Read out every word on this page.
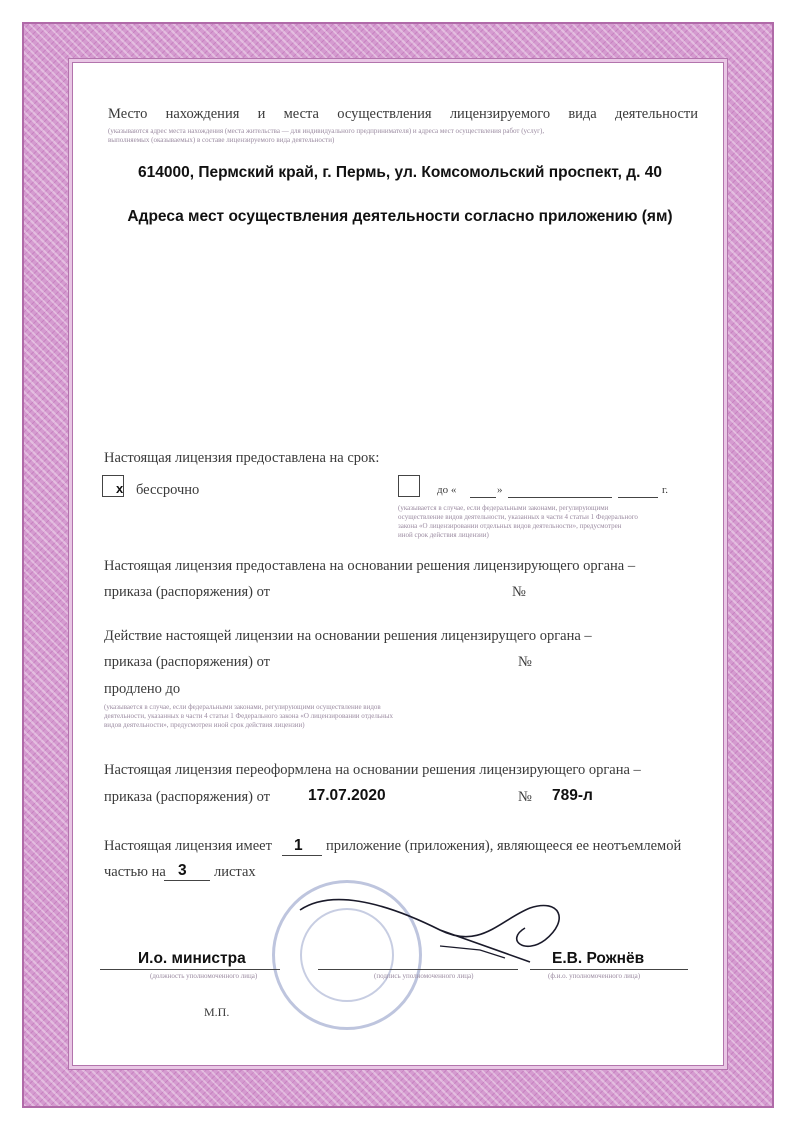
Место нахождения и места осуществления лицензируемого вида деятельности
(указываются адрес места нахождения (места жительства — для индивидуального предпринимателя) и адреса мест осуществления работ (услуг),
выполняемых (оказываемых) в составе лицензируемого вида деятельности)
614000, Пермский край, г. Пермь, ул. Комсомольский проспект, д. 40
Адреса мест осуществления деятельности согласно приложению (ям)
Настоящая лицензия предоставлена на срок:
x бессрочно	до «	»	г.
(указывается в случае, если федеральными законами, регулирующими
осуществление видов деятельности, указанных в части 4 статьи 1 Федерального
закона «О лицензировании отдельных видов деятельности», предусмотрен
иной срок действия лицензии)
Настоящая лицензия предоставлена на основании решения лицензирующего органа –
приказа (распоряжения) от	№
Действие настоящей лицензии на основании решения лицензирущего органа –
приказа (распоряжения) от	№
продлено до
(указывается в случае, если федеральными законами, регулирующими осуществление видов
деятельности, указанных в части 4 статьи 1 Федерального закона «О лицензировании отдельных
видов деятельности», предусмотрен иной срок действия лицензии)
Настоящая лицензия переоформлена на основании решения лицензирующего органа –
приказа (распоряжения) от 17.07.2020	№ 789-л
Настоящая лицензия имеет 1 приложение (приложения), являющееся ее неотъемлемой
частью на 3 листах
И.о. министра
(должность уполномоченного лица)	(подпись уполномоченного лица)
Е.В. Рожнёв
(ф.и.о. уполномоченного лица)
М.П.
